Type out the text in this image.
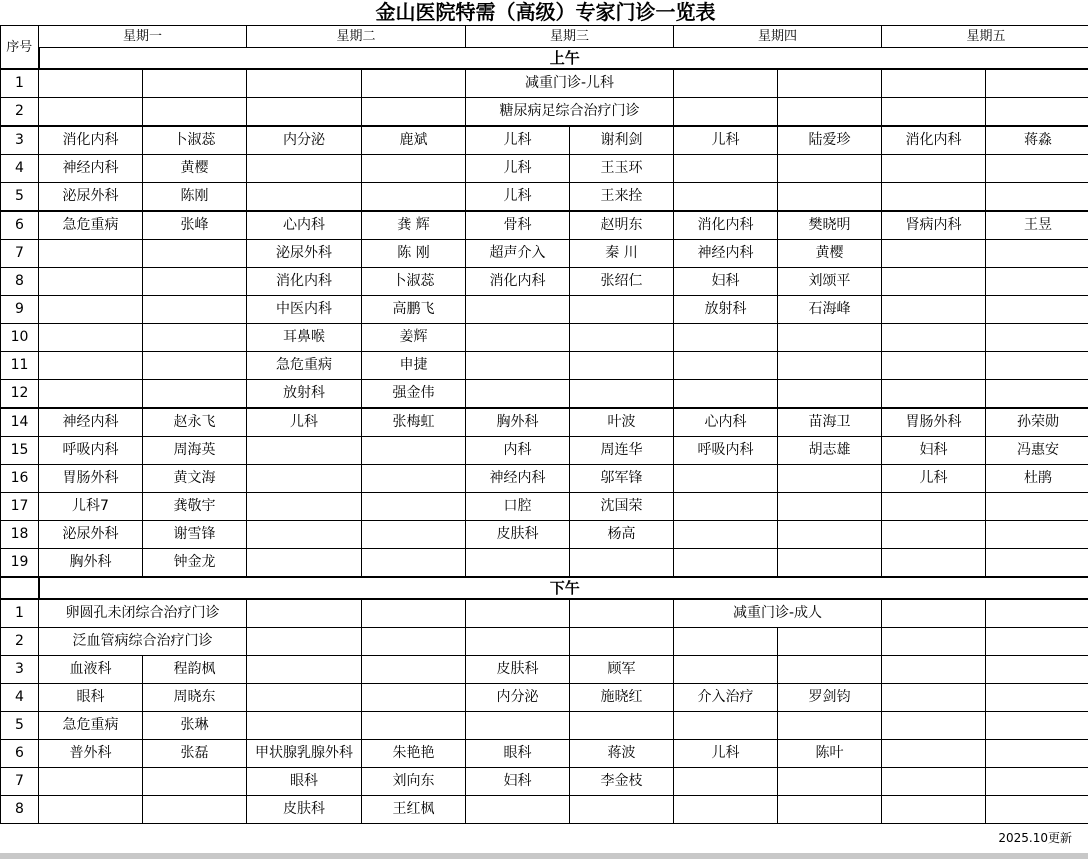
金山医院特需（高级）专家门诊一览表										
序号	星期一		星期二		星期三		星期四		星期五	
	上午									
1					减重门诊-儿科					
2					糖尿病足综合治疗门诊					
3	消化内科	卜淑蕊	内分泌	鹿斌	儿科	谢利剑	儿科	陆爱珍	消化内科	蒋淼
4	神经内科	黄樱			儿科	王玉环				
5	泌尿外科	陈刚			儿科	王来拴				
6	急危重病	张峰	心内科	龚 辉	骨科	赵明东	消化内科	樊晓明	肾病内科	王昱
7			泌尿外科	陈 刚	超声介入	秦 川	神经内科	黄樱		
8			消化内科	卜淑蕊	消化内科	张绍仁	妇科	刘颂平		
9			中医内科	高鹏飞			放射科	石海峰		
10			耳鼻喉	姜辉						
11			急危重病	申捷						
12			放射科	强金伟						
14	神经内科	赵永飞	儿科	张梅虹	胸外科	叶波	心内科	苗海卫	胃肠外科	孙荣勋
15	呼吸内科	周海英			内科	周连华	呼吸内科	胡志雄	妇科	冯惠安
16	胃肠外科	黄文海			神经内科	邬军锋			儿科	杜鹃
17	儿科7	龚敬宇			口腔	沈国荣				
18	泌尿外科	谢雪锋			皮肤科	杨高				
19	胸外科	钟金龙								
	下午									
1	卵圆孔未闭综合治疗门诊						减重门诊-成人			
2	泛血管病综合治疗门诊									
3	血液科	程韵枫			皮肤科	顾军				
4	眼科	周晓东			内分泌	施晓红	介入治疗	罗剑钧		
5	急危重病	张琳								
6	普外科	张磊	甲状腺乳腺外科	朱艳艳	眼科	蒋波	儿科	陈叶		
7			眼科	刘向东	妇科	李金枝				
8			皮肤科	王红枫						
2025.10更新
